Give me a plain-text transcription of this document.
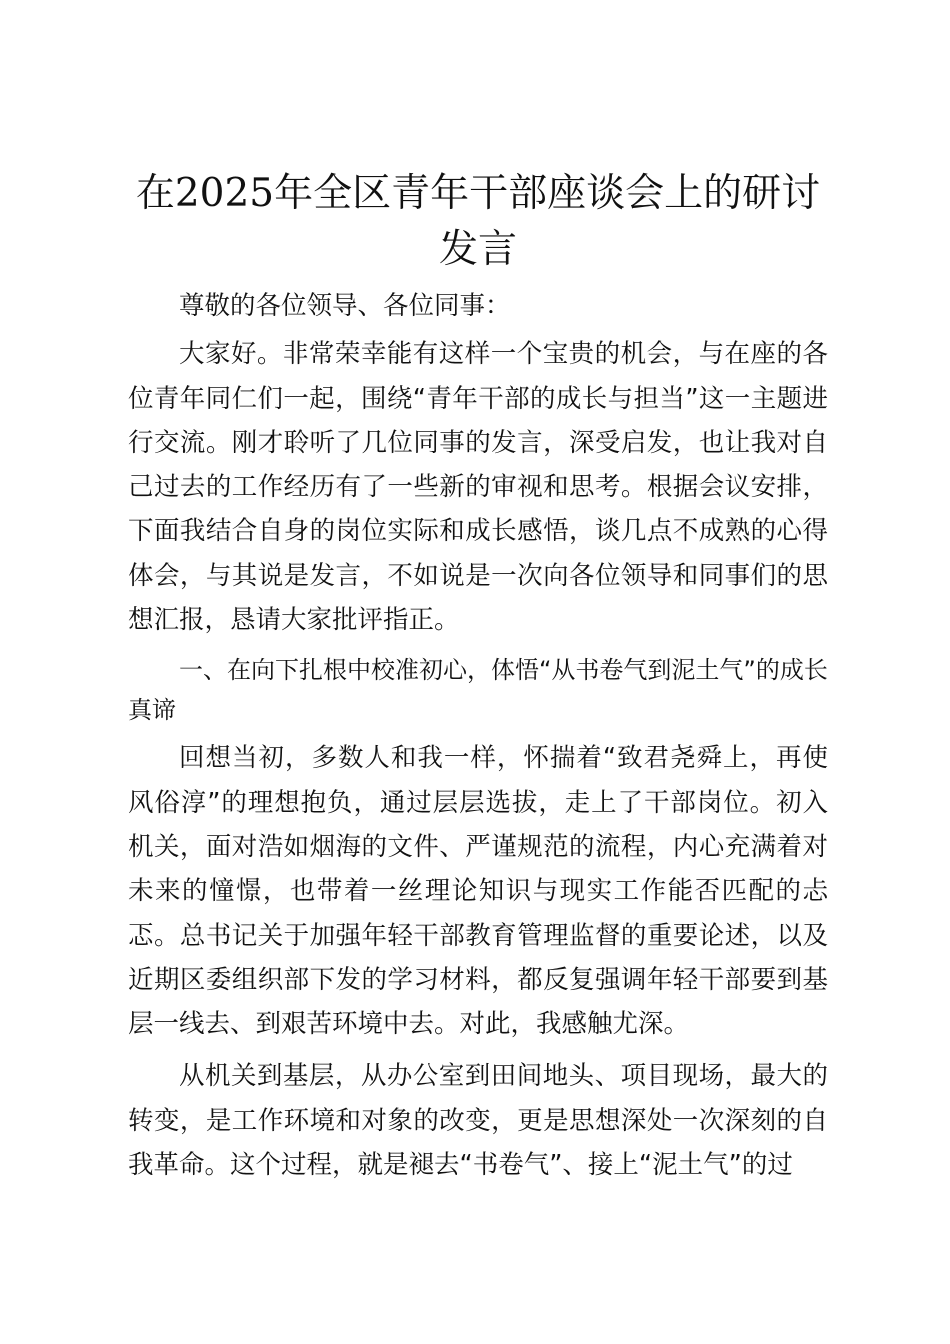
在2025年全区青年干部座谈会上的研讨发言

尊敬的各位领导、各位同事：

大家好。非常荣幸能有这样一个宝贵的机会，与在座的各位青年同仁们一起，围绕“青年干部的成长与担当”这一主题进行交流。刚才聆听了几位同事的发言，深受启发，也让我对自己过去的工作经历有了一些新的审视和思考。根据会议安排，下面我结合自身的岗位实际和成长感悟，谈几点不成熟的心得体会，与其说是发言，不如说是一次向各位领导和同事们的思想汇报，恳请大家批评指正。

一、在向下扎根中校准初心，体悟“从书卷气到泥土气”的成长真谛

回想当初，多数人和我一样，怀揣着“致君尧舜上，再使风俗淳”的理想抱负，通过层层选拔，走上了干部岗位。初入机关，面对浩如烟海的文件、严谨规范的流程，内心充满着对未来的憧憬，也带着一丝理论知识与现实工作能否匹配的忐忑。总书记关于加强年轻干部教育管理监督的重要论述，以及近期区委组织部下发的学习材料，都反复强调年轻干部要到基层一线去、到艰苦环境中去。对此，我感触尤深。

从机关到基层，从办公室到田间地头、项目现场，最大的转变，是工作环境和对象的改变，更是思想深处一次深刻的自我革命。这个过程，就是褪去“书卷气”、接上“泥土气”的过
